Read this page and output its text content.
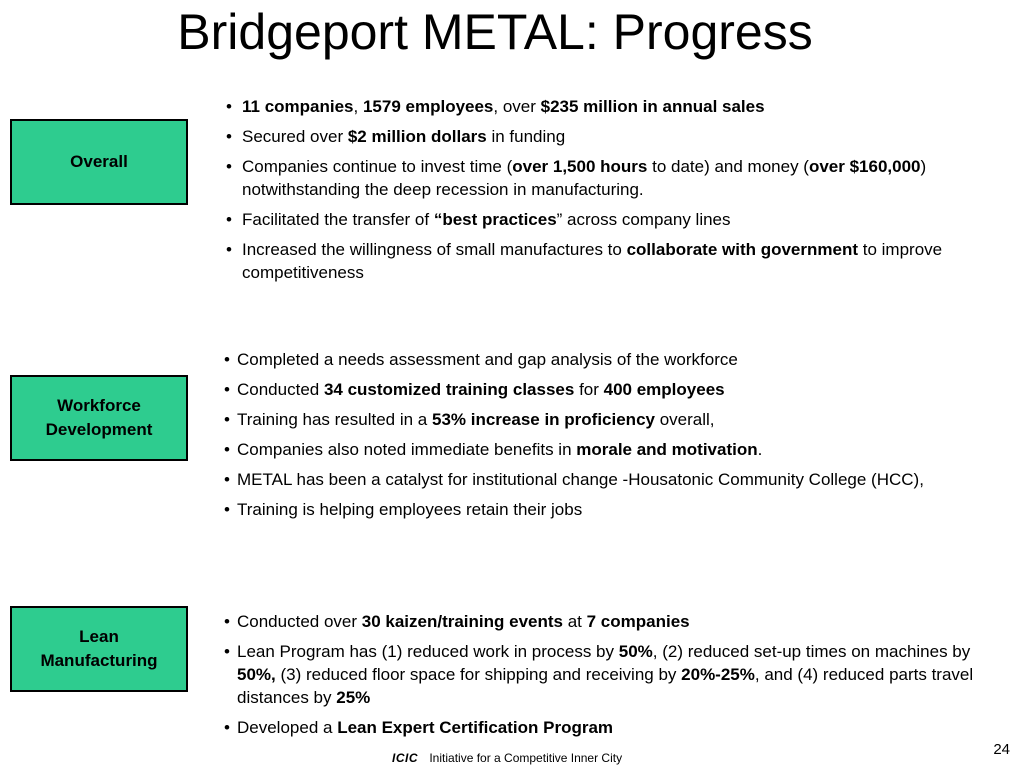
Bridgeport METAL: Progress
Overall
• 11 companies, 1579 employees, over $235 million in annual sales
• Secured over $2 million dollars in funding
• Companies continue to invest time (over 1,500 hours to date) and money (over $160,000) notwithstanding the deep recession in manufacturing.
• Facilitated the transfer of “best practices” across company lines
• Increased the willingness of small manufactures to collaborate with government to improve competitiveness
Workforce
Development
• Completed a needs assessment and gap analysis of the workforce
• Conducted 34 customized training classes for 400 employees
• Training has resulted in a 53% increase in proficiency overall,
• Companies also noted immediate benefits in morale and motivation.
• METAL has been a catalyst for institutional change -Housatonic Community College (HCC),
• Training is helping employees retain their jobs
Lean
Manufacturing
• Conducted over 30 kaizen/training events at 7 companies
• Lean Program has (1) reduced work in process by 50%, (2) reduced set-up times on machines by 50%, (3) reduced floor space for shipping and receiving by 20%-25%, and (4) reduced parts travel distances by 25%
• Developed a Lean Expert Certification Program
24
ICIC Initiative for a Competitive Inner City
